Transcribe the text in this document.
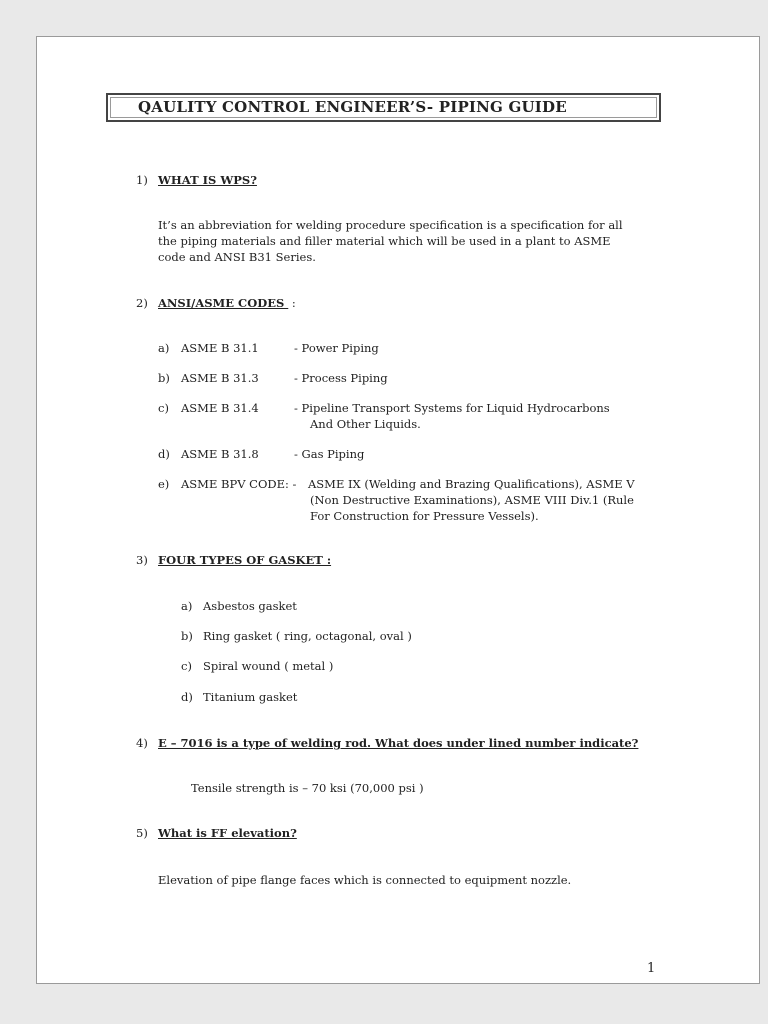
QAULITY CONTROL ENGINEER’S- PIPING GUIDE
1) WHAT IS WPS?
It’s an abbreviation for welding procedure specification is a specification for all
the piping materials and filler material which will be used in a plant to ASME
code and ANSI B31 Series.
2) ANSI/ASME CODES  :
a) ASME B 31.1	- Power Piping
b) ASME B 31.3	- Process Piping
c) ASME B 31.4	- Pipeline Transport Systems for Liquid Hydrocarbons
And Other Liquids.
d) ASME B 31.8	- Gas Piping
e) ASME BPV CODE: - ASME IX (Welding and Brazing Qualifications), ASME V
(Non Destructive Examinations), ASME VIII Div.1 (Rule
For Construction for Pressure Vessels).
3) FOUR TYPES OF GASKET :
a) Asbestos gasket
b) Ring gasket ( ring, octagonal, oval )
c) Spiral wound ( metal )
d) Titanium gasket
4) E – 7016 is a type of welding rod. What does under lined number indicate?
Tensile strength is – 70 ksi (70,000 psi )
5) What is FF elevation?
Elevation of pipe flange faces which is connected to equipment nozzle.
1
